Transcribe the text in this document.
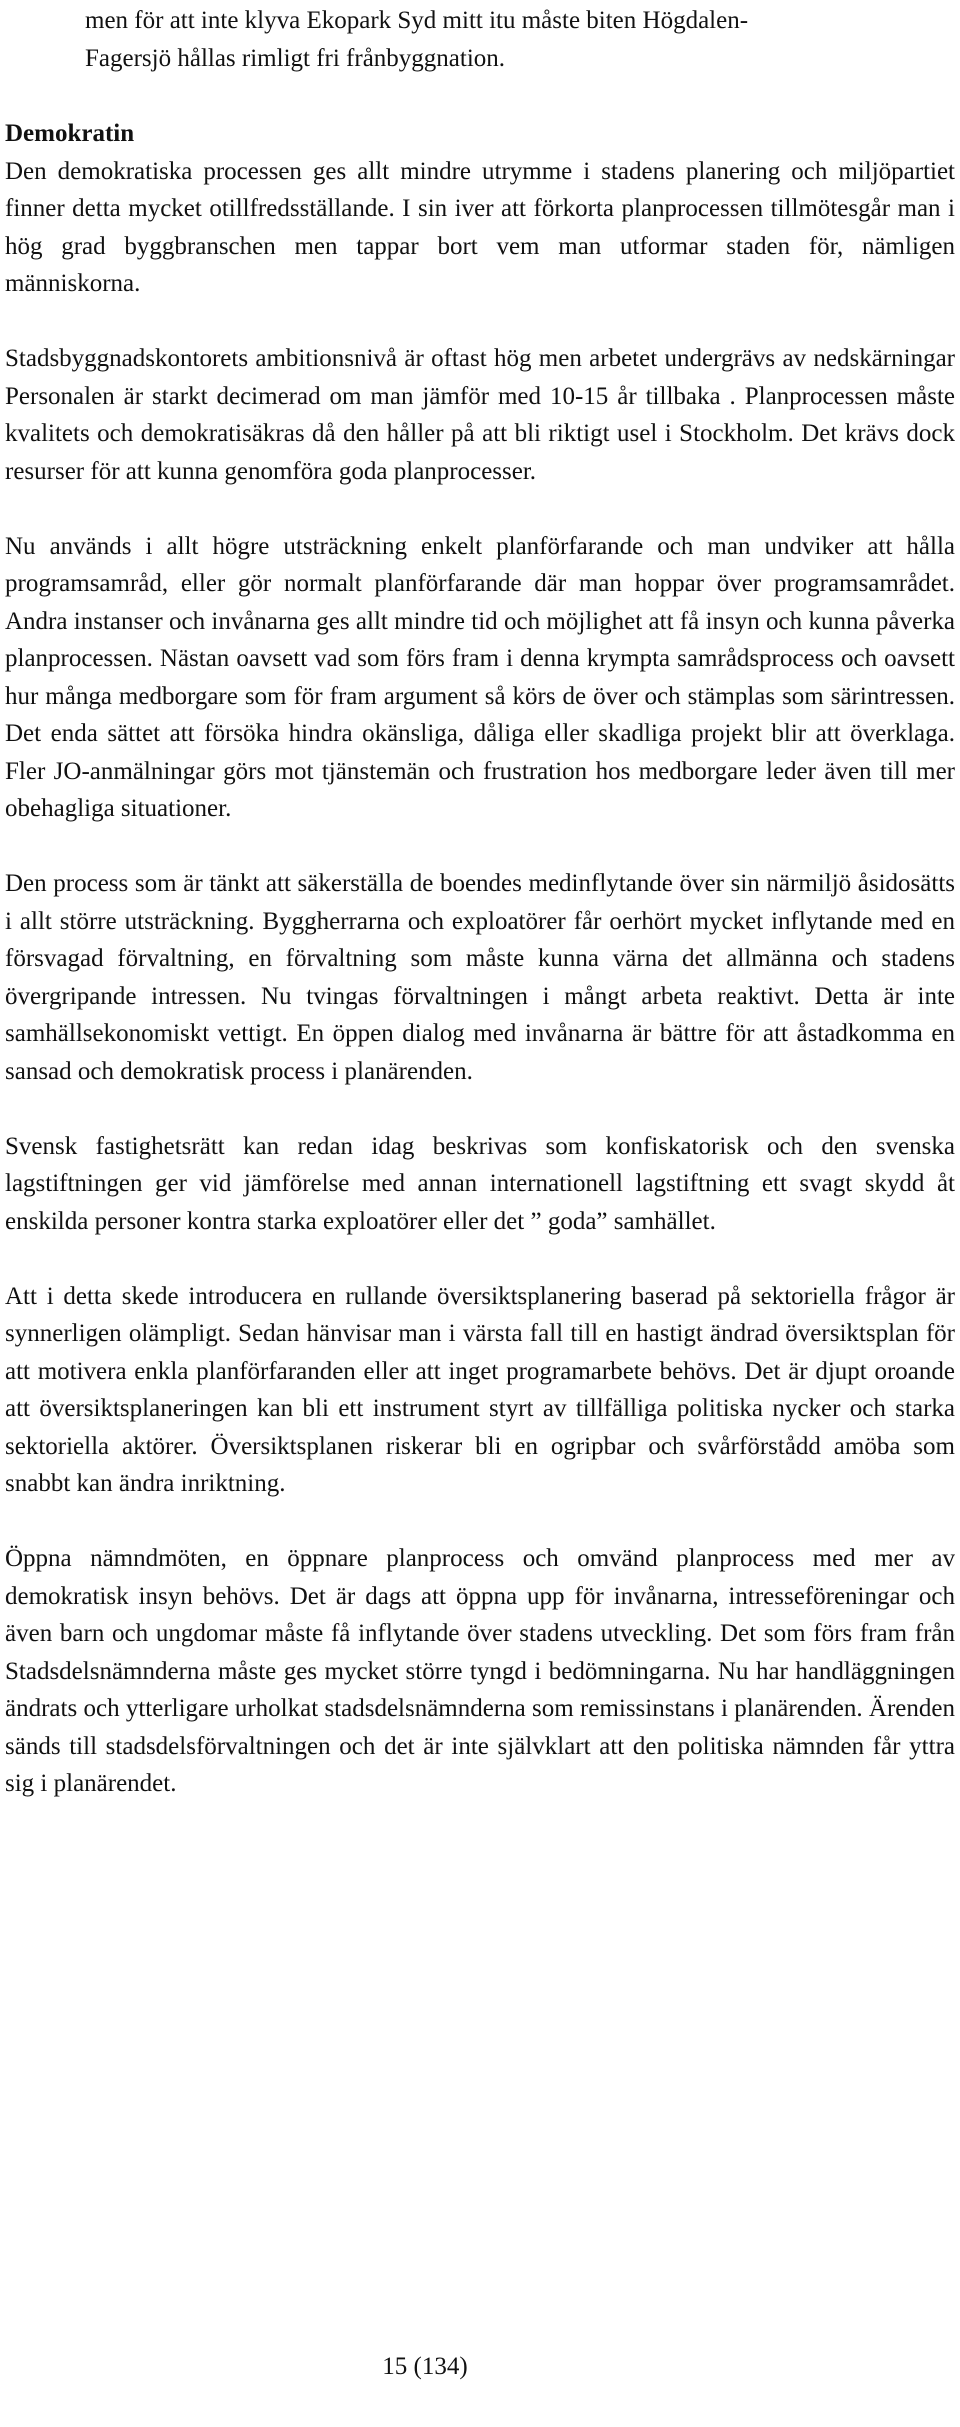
men för att inte klyva Ekopark Syd mitt itu måste biten Högdalen-Fagersjö hållas rimligt fri frånbyggnation.
Demokratin

Den demokratiska processen ges allt mindre utrymme i stadens planering och miljöpartiet finner detta mycket otillfredsställande. I sin iver att förkorta planprocessen tillmötesgår man i hög grad byggbranschen men tappar bort vem man utformar staden för, nämligen människorna.

Stadsbyggnadskontorets ambitionsnivå är oftast hög men arbetet undergrävs av nedskärningar Personalen är starkt decimerad om man jämför med 10-15 år tillbaka . Planprocessen måste kvalitets och demokratisäkras då den håller på att bli riktigt usel i Stockholm. Det krävs dock resurser för att kunna genomföra goda planprocesser.

Nu används i allt högre utsträckning enkelt planförfarande och man undviker att hålla programsamråd, eller gör normalt planförfarande där man hoppar över programsamrådet. Andra instanser och invånarna ges allt mindre tid och möjlighet att få insyn och kunna påverka planprocessen. Nästan oavsett vad som förs fram i denna krympta samrådsprocess och oavsett hur många medborgare som för fram argument så körs de över och stämplas som särintressen. Det enda sättet att försöka hindra okänsliga, dåliga eller skadliga projekt blir att överklaga. Fler JO-anmälningar görs mot tjänstemän och frustration hos medborgare leder även till mer obehagliga situationer.

Den process som är tänkt att säkerställa de boendes medinflytande över sin närmiljö åsidosätts i allt större utsträckning. Byggherrarna och exploatörer får oerhört mycket inflytande med en försvagad förvaltning, en förvaltning som måste kunna värna det allmänna och stadens övergripande intressen. Nu tvingas förvaltningen i mångt arbeta reaktivt. Detta är inte samhällsekonomiskt vettigt. En öppen dialog med invånarna är bättre för att åstadkomma en sansad och demokratisk process i planärenden.

Svensk fastighetsrätt kan redan idag beskrivas som konfiskatorisk och den svenska lagstiftningen ger vid jämförelse med annan internationell lagstiftning ett svagt skydd åt enskilda personer kontra starka exploatörer eller det ” goda” samhället.

Att i detta skede introducera en rullande översiktsplanering baserad på sektoriella frågor är synnerligen olämpligt. Sedan hänvisar man i värsta fall till en hastigt ändrad översiktsplan för att motivera enkla planförfaranden eller att inget programarbete behövs. Det är djupt oroande att översiktsplaneringen kan bli ett instrument styrt av tillfälliga politiska nycker och starka sektoriella aktörer. Översiktsplanen riskerar bli en ogripbar och svårförstådd amöba som snabbt kan ändra inriktning.

Öppna nämndmöten, en öppnare planprocess och omvänd planprocess med mer av demokratisk insyn behövs. Det är dags att öppna upp för invånarna, intresseföreningar och även barn och ungdomar måste få inflytande över stadens utveckling. Det som förs fram från Stadsdelsnämnderna måste ges mycket större tyngd i bedömningarna. Nu har handläggningen ändrats och ytterligare urholkat stadsdelsnämnderna som remissinstans i planärenden. Ärenden sänds till stadsdelsförvaltningen och det är inte självklart att den politiska nämnden får yttra sig i planärendet.

15 (134)
